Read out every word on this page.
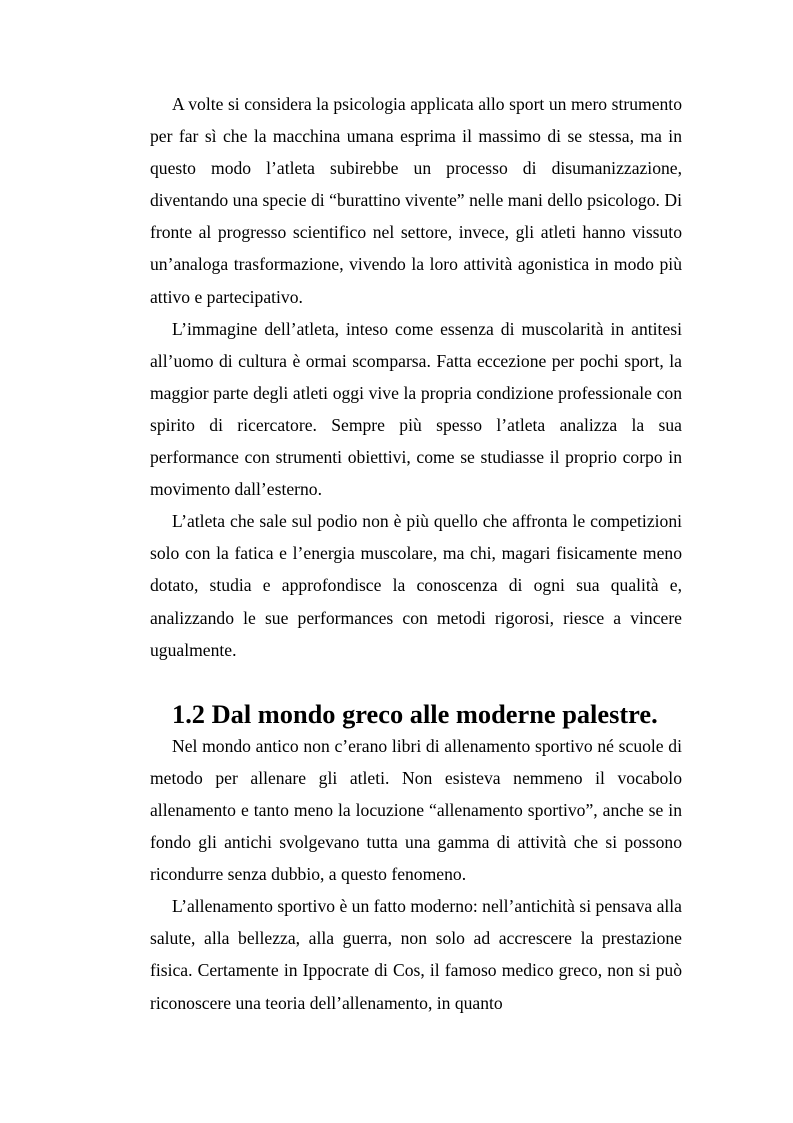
A volte si considera la psicologia applicata allo sport un mero strumento per far sì che la macchina umana esprima il massimo di se stessa, ma in questo modo l’atleta subirebbe un processo di disumanizzazione, diventando una specie di “burattino vivente” nelle mani dello psicologo. Di fronte al progresso scientifico nel settore, invece, gli atleti hanno vissuto un’analoga trasformazione, vivendo la loro attività agonistica in modo più attivo e partecipativo.

L’immagine dell’atleta, inteso come essenza di muscolarità in antitesi all’uomo di cultura è ormai scomparsa. Fatta eccezione per pochi sport, la maggior parte degli atleti oggi vive la propria condizione professionale con spirito di ricercatore. Sempre più spesso l’atleta analizza la sua performance con strumenti obiettivi, come se studiasse il proprio corpo in movimento dall’esterno.

L’atleta che sale sul podio non è più quello che affronta le competizioni solo con la fatica e l’energia muscolare, ma chi, magari fisicamente meno dotato, studia e approfondisce la conoscenza di ogni sua qualità e, analizzando le sue performances con metodi rigorosi, riesce a vincere ugualmente.

1.2 Dal mondo greco alle moderne palestre.

Nel mondo antico non c’erano libri di allenamento sportivo né scuole di metodo per allenare gli atleti. Non esisteva nemmeno il vocabolo allenamento e tanto meno la locuzione “allenamento sportivo”, anche se in fondo gli antichi svolgevano tutta una gamma di attività che si possono ricondurre senza dubbio, a questo fenomeno.

L’allenamento sportivo è un fatto moderno: nell’antichità si pensava alla salute, alla bellezza, alla guerra, non solo ad accrescere la prestazione fisica. Certamente in Ippocrate di Cos, il famoso medico greco, non si può riconoscere una teoria dell’allenamento, in quanto
